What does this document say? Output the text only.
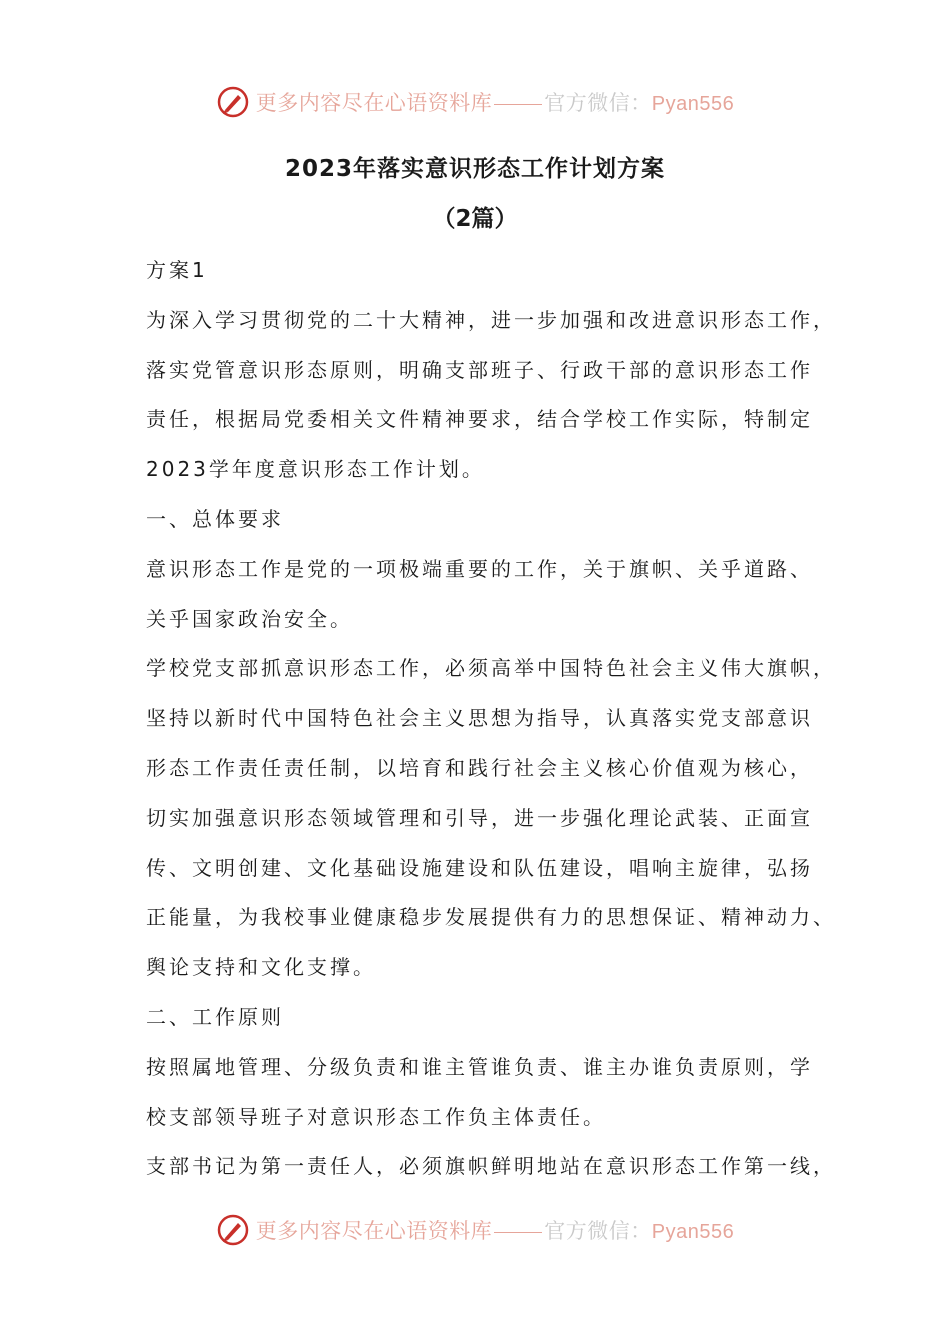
更多内容尽在心语资料库 官方微信：Pyan556
2023年落实意识形态工作计划方案
（2篇）
方案1
为深入学习贯彻党的二十大精神，进一步加强和改进意识形态工作，
落实党管意识形态原则，明确支部班子、行政干部的意识形态工作
责任，根据局党委相关文件精神要求，结合学校工作实际，特制定
2023学年度意识形态工作计划。
一、总体要求
意识形态工作是党的一项极端重要的工作，关于旗帜、关乎道路、
关乎国家政治安全。
学校党支部抓意识形态工作，必须高举中国特色社会主义伟大旗帜，
坚持以新时代中国特色社会主义思想为指导，认真落实党支部意识
形态工作责任责任制，以培育和践行社会主义核心价值观为核心，
切实加强意识形态领域管理和引导，进一步强化理论武装、正面宣
传、文明创建、文化基础设施建设和队伍建设，唱响主旋律，弘扬
正能量，为我校事业健康稳步发展提供有力的思想保证、精神动力、
舆论支持和文化支撑。
二、工作原则
按照属地管理、分级负责和谁主管谁负责、谁主办谁负责原则，学
校支部领导班子对意识形态工作负主体责任。
支部书记为第一责任人，必须旗帜鲜明地站在意识形态工作第一线，
更多内容尽在心语资料库 官方微信：Pyan556
